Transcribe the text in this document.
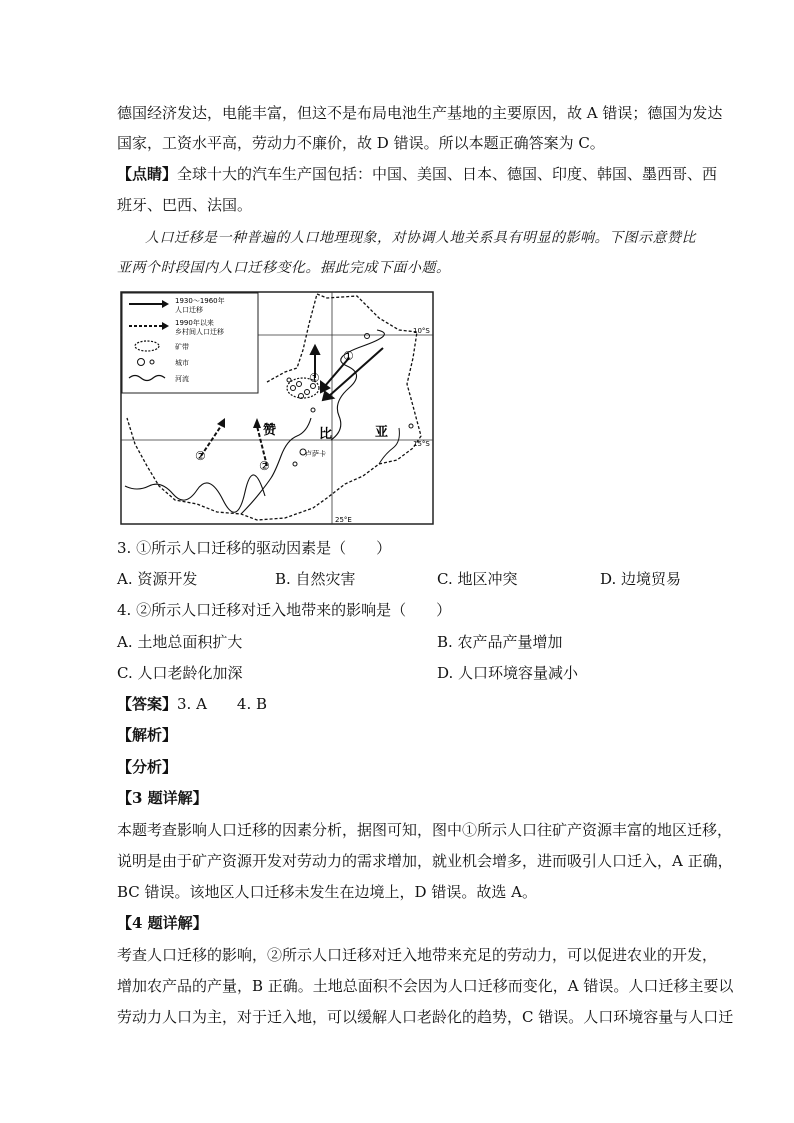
德国经济发达，电能丰富，但这不是布局电池生产基地的主要原因，故 A 错误；德国为发达
国家，工资水平高，劳动力不廉价，故 D 错误。所以本题正确答案为 C。
【点睛】全球十大的汽车生产国包括：中国、美国、日本、德国、印度、韩国、墨西哥、西
班牙、巴西、法国。
人口迁移是一种普遍的人口地理现象，对协调人地关系具有明显的影响。下图示意赞比
亚两个时段国内人口迁移变化。据此完成下面小题。
1930～1960年
人口迁移
1990年以来
乡村间人口迁移
矿带
城市
河流	①
①
②
②
赞	比	亚
卢萨卡
10°S
15°S
25°E
3. ①所示人口迁移的驱动因素是（　　）
A. 资源开发	B. 自然灾害	C. 地区冲突	D. 边境贸易
4. ②所示人口迁移对迁入地带来的影响是（　　）
A. 土地总面积扩大	B. 农产品产量增加
C. 人口老龄化加深	D. 人口环境容量减小
【答案】3. A　　4. B
【解析】
【分析】
【3 题详解】
本题考查影响人口迁移的因素分析，据图可知，图中①所示人口往矿产资源丰富的地区迁移，
说明是由于矿产资源开发对劳动力的需求增加，就业机会增多，进而吸引人口迁入，A 正确，
BC 错误。该地区人口迁移未发生在边境上，D 错误。故选 A。
【4 题详解】
考查人口迁移的影响，②所示人口迁移对迁入地带来充足的劳动力，可以促进农业的开发，
增加农产品的产量，B 正确。土地总面积不会因为人口迁移而变化，A 错误。人口迁移主要以
劳动力人口为主，对于迁入地，可以缓解人口老龄化的趋势，C 错误。人口环境容量与人口迁
